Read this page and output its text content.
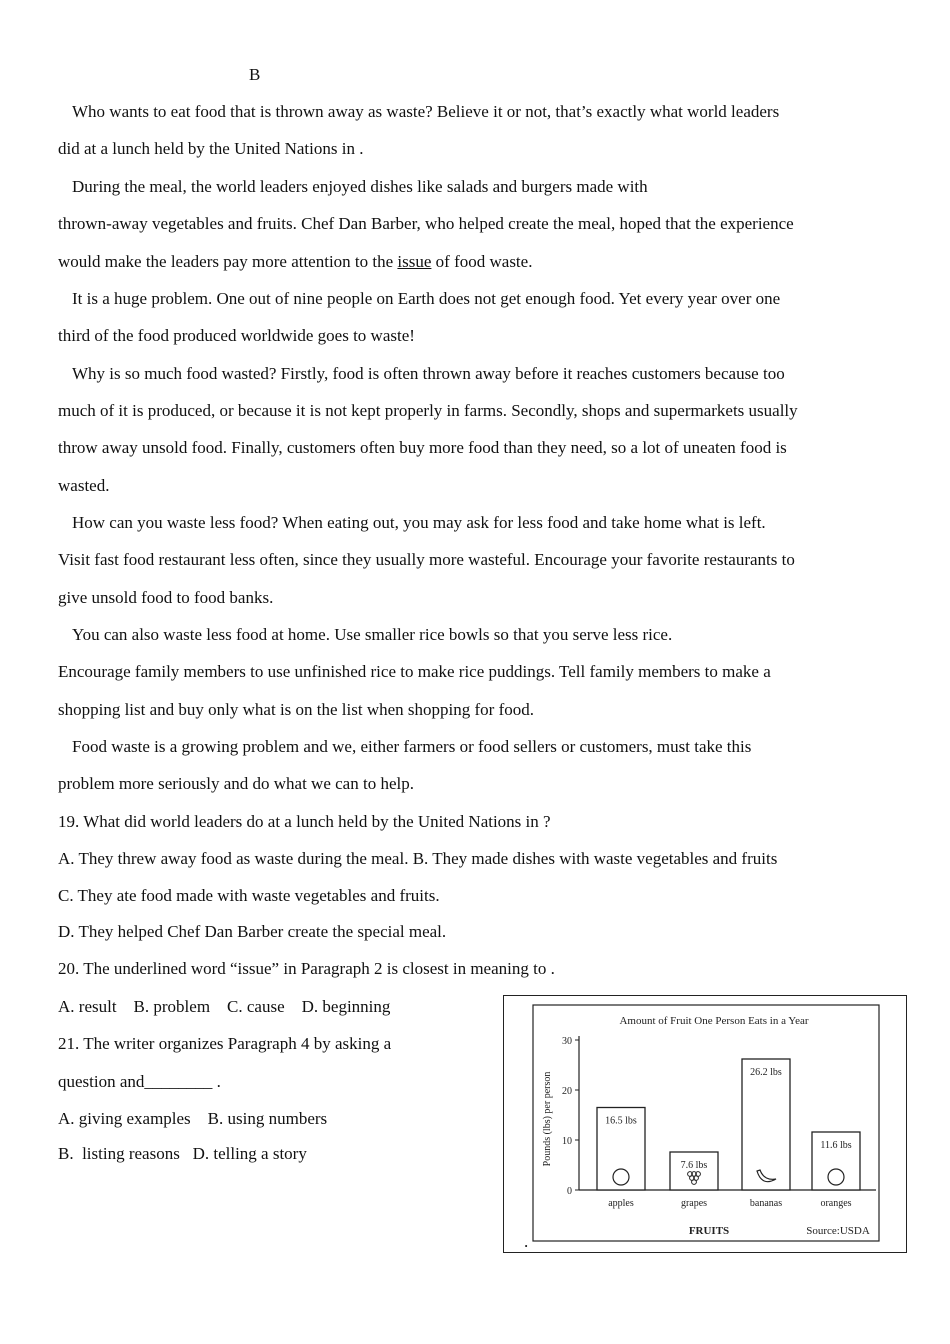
B
Who wants to eat food that is thrown away as waste? Believe it or not, that’s exactly what world leaders
did at a lunch held by the United Nations in .
During the meal, the world leaders enjoyed dishes like salads and burgers made with
thrown-away vegetables and fruits. Chef Dan Barber, who helped create the meal, hoped that the experience
would make the leaders pay more attention to the issue of food waste.
It is a huge problem. One out of nine people on Earth does not get enough food. Yet every year over one
third of the food produced worldwide goes to waste!
Why is so much food wasted? Firstly, food is often thrown away before it reaches customers because too
much of it is produced, or because it is not kept properly in farms. Secondly, shops and supermarkets usually
throw away unsold food. Finally, customers often buy more food than they need, so a lot of uneaten food is
wasted.
How can you waste less food? When eating out, you may ask for less food and take home what is left.
Visit fast food restaurant less often, since they usually more wasteful. Encourage your favorite restaurants to
give unsold food to food banks.
You can also waste less food at home. Use smaller rice bowls so that you serve less rice.
Encourage family members to use unfinished rice to make rice puddings. Tell family members to make a
shopping list and buy only what is on the list when shopping for food.
Food waste is a growing problem and we, either farmers or food sellers or customers, must take this
problem more seriously and do what we can to help.
19. What did world leaders do at a lunch held by the United Nations in ?
A. They threw away food as waste during the meal. B. They made dishes with waste vegetables and fruits
C. They ate food made with waste vegetables and fruits.
D. They helped Chef Dan Barber create the special meal.
20. The underlined word “issue” in Paragraph 2 is closest in meaning to .
A. result    B. problem    C. cause    D. beginning
21. The writer organizes Paragraph 4 by asking a
question and________ .
A. giving examples    B. using numbers
B.  listing reasons   D. telling a story
Amount of Fruit One Person Eats in a Year
Pounds (lbs) per person
FRUITS	Source:USDA
0
10
20
30
16.5 lbs
apples
7.6 lbs
grapes
26.2 lbs
bananas
11.6 lbs
oranges
.
